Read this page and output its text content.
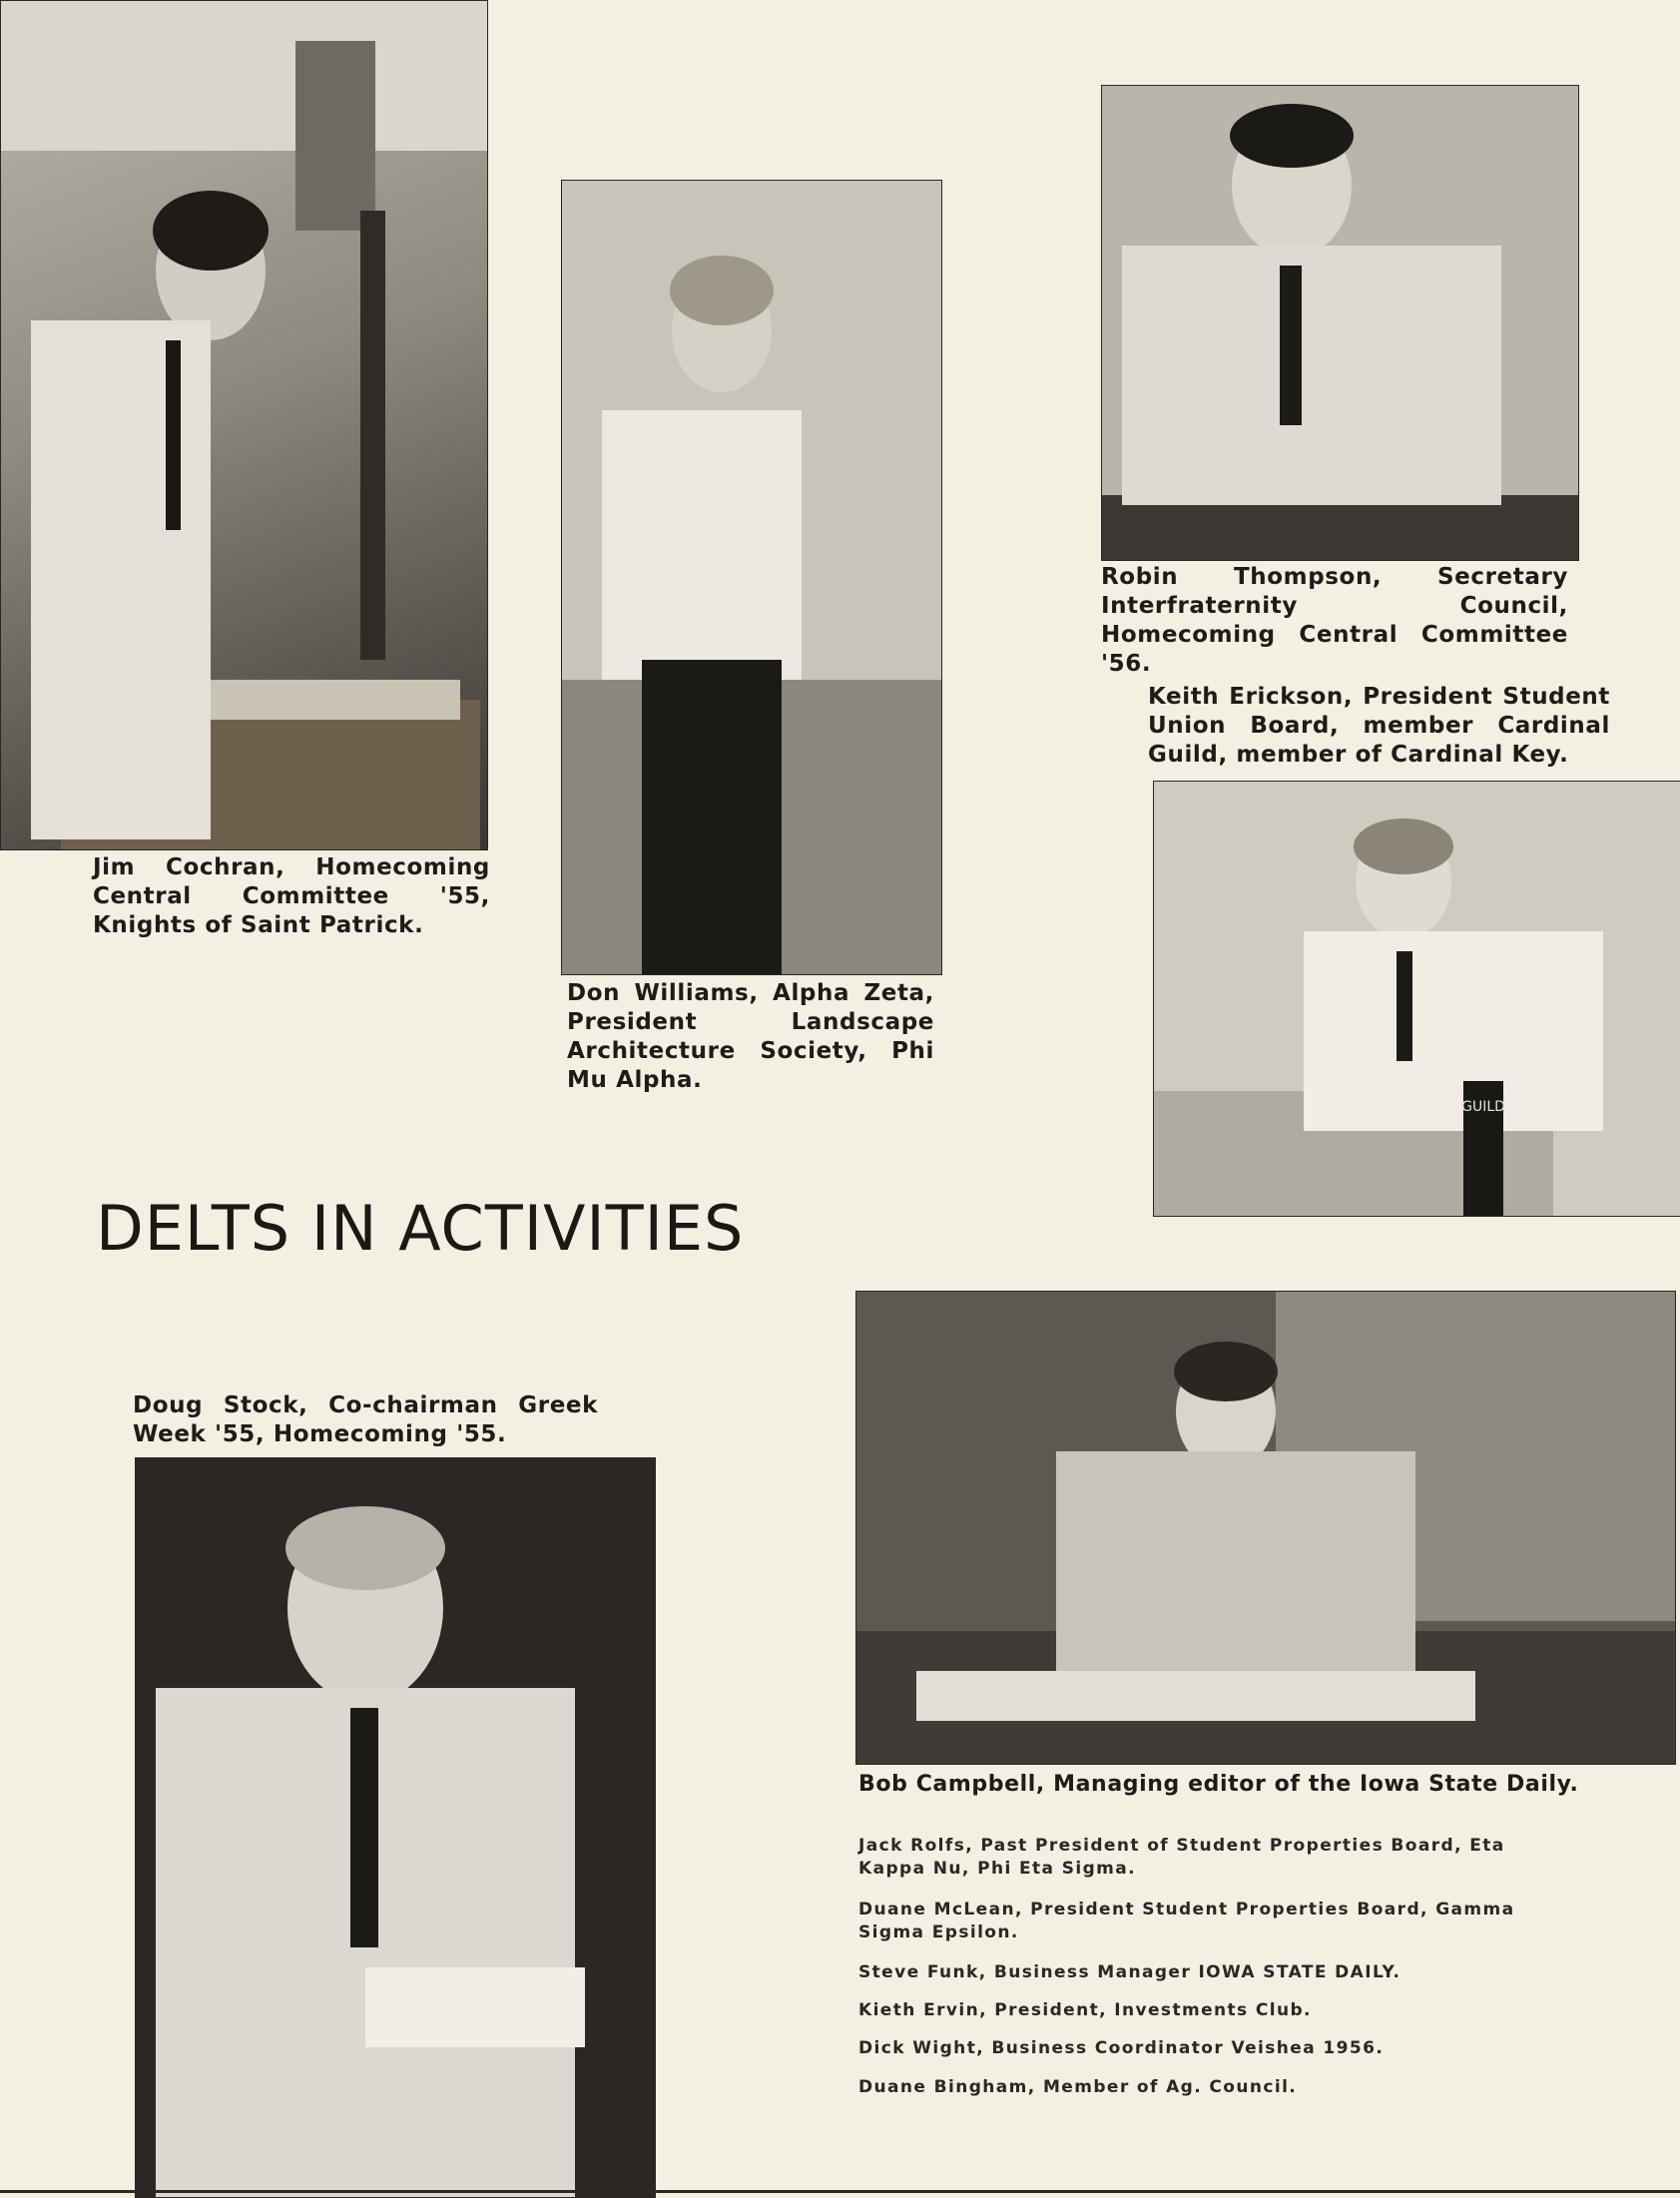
GUILD

Jim Cochran, Homecoming Central Committee '55, Knights of Saint Patrick.

Don Williams, Alpha Zeta, President Landscape Architecture Society, Phi Mu Alpha.

Robin Thompson, Secretary Interfraternity Council, Homecoming Central Committee '56.

Keith Erickson, President Student Union Board, member Cardinal Guild, member of Cardinal Key.

Doug Stock, Co-chairman Greek Week '55, Homecoming '55.

Bob Campbell, Managing editor of the Iowa State Daily.

DELTS IN ACTIVITIES

Jack Rolfs, Past President of Student Properties Board, Eta Kappa Nu, Phi Eta Sigma.

Duane McLean, President Student Properties Board, Gamma Sigma Epsilon.

Steve Funk, Business Manager IOWA STATE DAILY.

Kieth Ervin, President, Investments Club.

Dick Wight, Business Coordinator Veishea 1956.

Duane Bingham, Member of Ag. Council.
